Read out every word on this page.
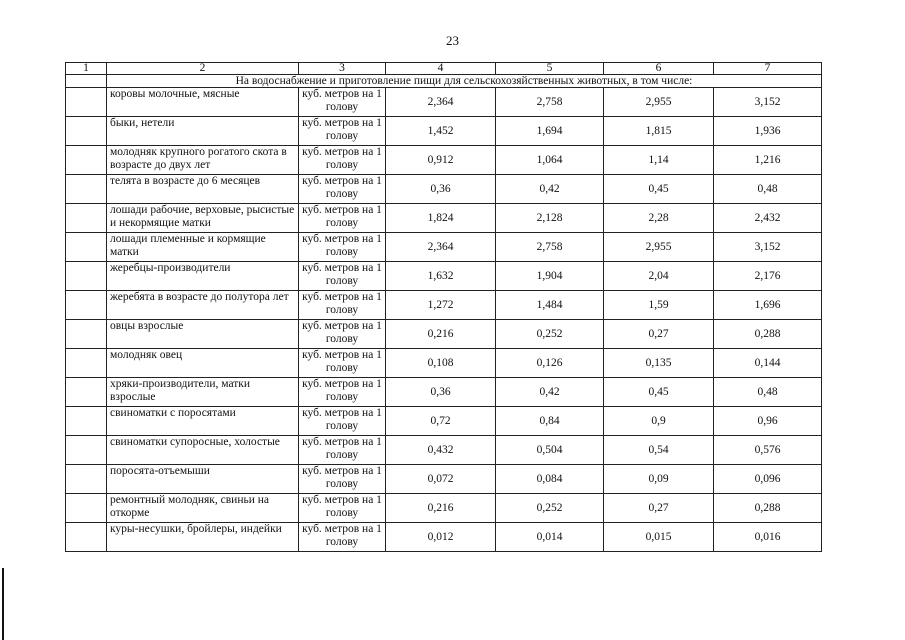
23
1	2	3	4	5	6	7
	На водоснабжение и приготовление пищи для сельскохозяйственных животных, в том числе:					
	коровы молочные, мясные	куб. метров на 1 голову	2,364	2,758	2,955	3,152
	быки, нетели	куб. метров на 1 голову	1,452	1,694	1,815	1,936
	молодняк крупного рогатого скота в возрасте до двух лет	куб. метров на 1 голову	0,912	1,064	1,14	1,216
	телята в возрасте до 6 месяцев	куб. метров на 1 голову	0,36	0,42	0,45	0,48
	лошади рабочие, верховые, рысистые и некормящие матки	куб. метров на 1 голову	1,824	2,128	2,28	2,432
	лошади племенные и кормящие матки	куб. метров на 1 голову	2,364	2,758	2,955	3,152
	жеребцы-производители	куб. метров на 1 голову	1,632	1,904	2,04	2,176
	жеребята в возрасте до полутора лет	куб. метров на 1 голову	1,272	1,484	1,59	1,696
	овцы взрослые	куб. метров на 1 голову	0,216	0,252	0,27	0,288
	молодняк овец	куб. метров на 1 голову	0,108	0,126	0,135	0,144
	хряки-производители, матки взрослые	куб. метров на 1 голову	0,36	0,42	0,45	0,48
	свиноматки с поросятами	куб. метров на 1 голову	0,72	0,84	0,9	0,96
	свиноматки супоросные, холостые	куб. метров на 1 голову	0,432	0,504	0,54	0,576
	поросята-отъемыши	куб. метров на 1 голову	0,072	0,084	0,09	0,096
	ремонтный молодняк, свиньи на откорме	куб. метров на 1 голову	0,216	0,252	0,27	0,288
	куры-несушки, бройлеры, индейки	куб. метров на 1 голову	0,012	0,014	0,015	0,016
